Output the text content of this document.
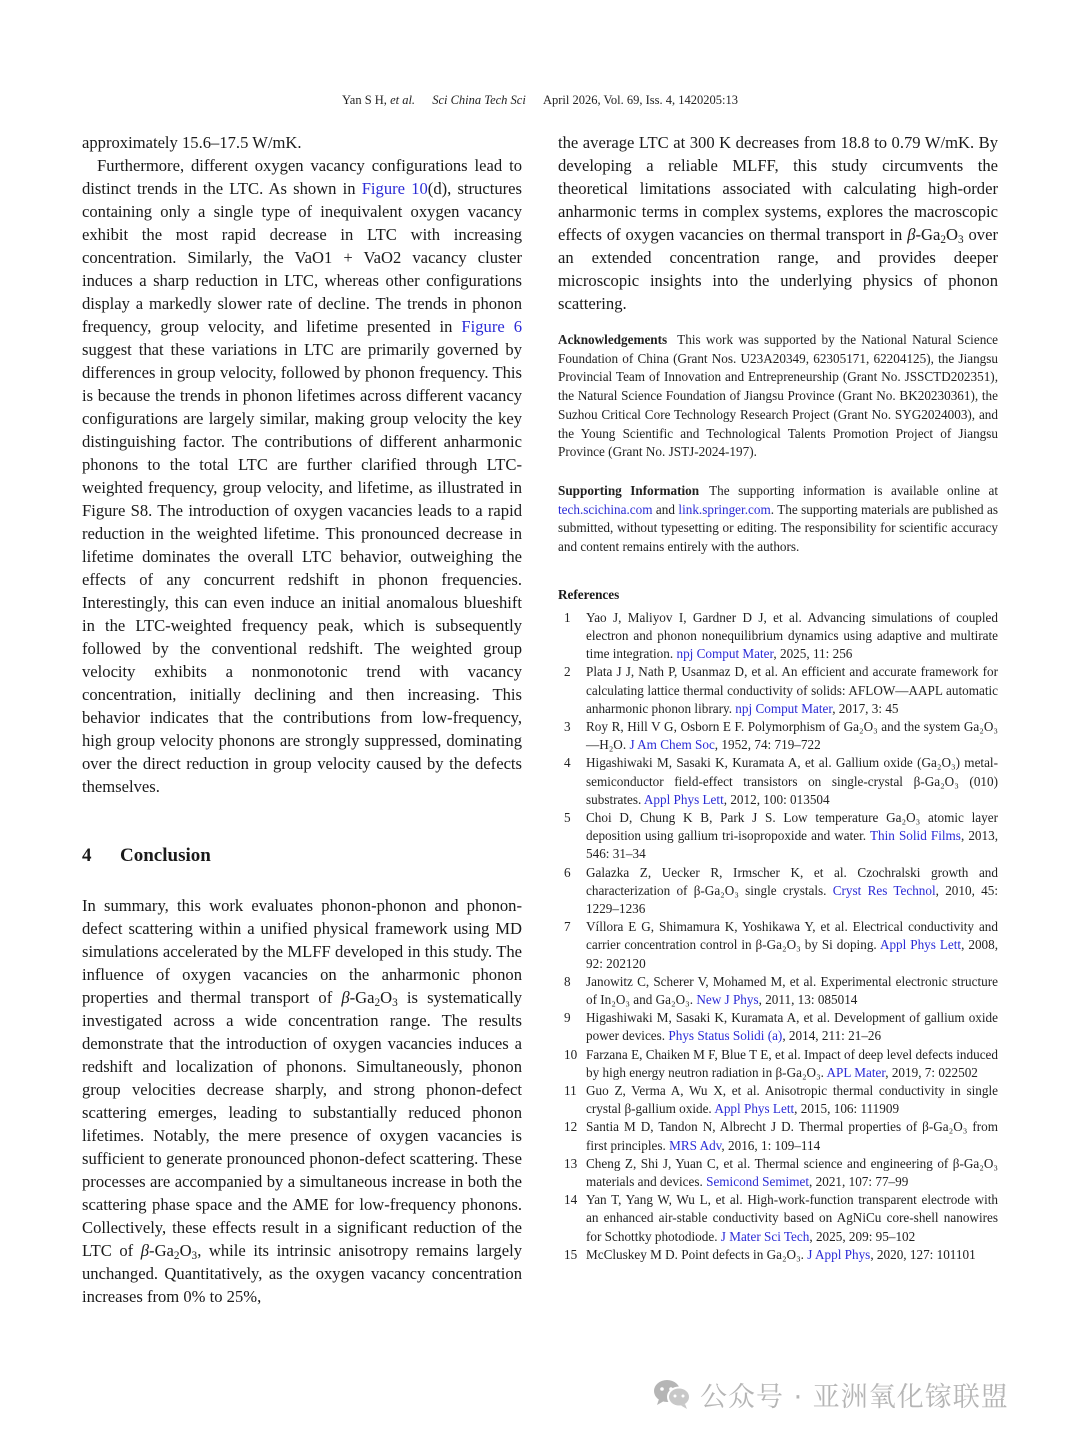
Yan S H, et al. Sci China Tech Sci April 2026, Vol. 69, Iss. 4, 1420205:13

approximately 15.6–17.5 W/mK.

Furthermore, different oxygen vacancy configurations lead to distinct trends in the LTC. As shown in Figure 10(d), structures containing only a single type of inequivalent oxygen vacancy exhibit the most rapid decrease in LTC with increasing concentration. Similarly, the VaO1 + VaO2 vacancy cluster induces a sharp reduction in LTC, whereas other configurations display a markedly slower rate of decline. The trends in phonon frequency, group velocity, and lifetime presented in Figure 6 suggest that these variations in LTC are primarily governed by differences in group velocity, followed by phonon frequency. This is because the trends in phonon lifetimes across different vacancy configurations are largely similar, making group velocity the key distinguishing factor. The contributions of different anharmonic phonons to the total LTC are further clarified through LTC-weighted frequency, group velocity, and lifetime, as illustrated in Figure S8. The introduction of oxygen vacancies leads to a rapid reduction in the weighted lifetime. This pronounced decrease in lifetime dominates the overall LTC behavior, outweighing the effects of any concurrent redshift in phonon frequencies. Interestingly, this can even induce an initial anomalous blueshift in the LTC-weighted frequency peak, which is subsequently followed by the conventional redshift. The weighted group velocity exhibits a nonmonotonic trend with vacancy concentration, initially declining and then increasing. This behavior indicates that the contributions from low-frequency, high group velocity phonons are strongly suppressed, dominating over the direct reduction in group velocity caused by the defects themselves.

4 Conclusion

In summary, this work evaluates phonon-phonon and phonon-defect scattering within a unified physical framework using MD simulations accelerated by the MLFF developed in this study. The influence of oxygen vacancies on the anharmonic phonon properties and thermal transport of $\beta-Ga_2O_3$ is systematically investigated across a wide concentration range. The results demonstrate that the introduction of oxygen vacancies induces a redshift and localization of phonons. Simultaneously, phonon group velocities decrease sharply, and strong phonon-defect scattering emerges, leading to substantially reduced phonon lifetimes. Notably, the mere presence of oxygen vacancies is sufficient to generate pronounced phonon-defect scattering. These processes are accompanied by a simultaneous increase in both the scattering phase space and the AME for low-frequency phonons. Collectively, these effects result in a significant reduction of the LTC of $\beta-Ga_2O_3$, while its intrinsic anisotropy remains largely unchanged. Quantitatively, as the oxygen vacancy concentration increases from 0% to 25%,

the average LTC at 300 K decreases from 18.8 to 0.79 W/mK. By developing a reliable MLFF, this study circumvents the theoretical limitations associated with calculating high-order anharmonic terms in complex systems, explores the macroscopic effects of oxygen vacancies on thermal transport in $\beta-Ga_2O_3$ over an extended concentration range, and provides deeper microscopic insights into the underlying physics of phonon scattering.

Acknowledgements This work was supported by the National Natural Science Foundation of China (Grant Nos. U23A20349, 62305171, 62204125), the Jiangsu Provincial Team of Innovation and Entrepreneurship (Grant No. JSSCTD202351), the Natural Science Foundation of Jiangsu Province (Grant No. BK20230361), the Suzhou Critical Core Technology Research Project (Grant No. SYG2024003), and the Young Scientific and Technological Talents Promotion Project of Jiangsu Province (Grant No. JSTJ-2024-197).

Supporting Information The supporting information is available online at tech.scichina.com and link.springer.com. The supporting materials are published as submitted, without typesetting or editing. The responsibility for scientific accuracy and content remains entirely with the authors.

References
1	Yao J, Maliyov I, Gardner D J, et al. Advancing simulations of coupled electron and phonon nonequilibrium dynamics using adaptive and multirate time integration. npj Comput Mater, 2025, 11: 256
2	Plata J J, Nath P, Usanmaz D, et al. An efficient and accurate framework for calculating lattice thermal conductivity of solids: AFLOW—AAPL automatic anharmonic phonon library. npj Comput Mater, 2017, 3: 45
3	Roy R, Hill V G, Osborn E F. Polymorphism of Ga₂O₃ and the system Ga₂O₃—H₂O. J Am Chem Soc, 1952, 74: 719–722
4	Higashiwaki M, Sasaki K, Kuramata A, et al. Gallium oxide (Ga₂O₃) metal-semiconductor field-effect transistors on single-crystal β-Ga₂O₃ (010) substrates. Appl Phys Lett, 2012, 100: 013504
5	Choi D, Chung K B, Park J S. Low temperature Ga₂O₃ atomic layer deposition using gallium tri-isopropoxide and water. Thin Solid Films, 2013, 546: 31–34
6	Galazka Z, Uecker R, Irmscher K, et al. Czochralski growth and characterization of β-Ga₂O₃ single crystals. Cryst Res Technol, 2010, 45: 1229–1236
7	Víllora E G, Shimamura K, Yoshikawa Y, et al. Electrical conductivity and carrier concentration control in β-Ga₂O₃ by Si doping. Appl Phys Lett, 2008, 92: 202120
8	Janowitz C, Scherer V, Mohamed M, et al. Experimental electronic structure of In₂O₃ and Ga₂O₃. New J Phys, 2011, 13: 085014
9	Higashiwaki M, Sasaki K, Kuramata A, et al. Development of gallium oxide power devices. Phys Status Solidi (a), 2014, 211: 21–26
10 Farzana E, Chaiken M F, Blue T E, et al. Impact of deep level defects induced by high energy neutron radiation in β-Ga₂O₃. APL Mater, 2019, 7: 022502
11 Guo Z, Verma A, Wu X, et al. Anisotropic thermal conductivity in single crystal β-gallium oxide. Appl Phys Lett, 2015, 106: 111909
12 Santia M D, Tandon N, Albrecht J D. Thermal properties of β-Ga₂O₃ from first principles. MRS Adv, 2016, 1: 109–114
13 Cheng Z, Shi J, Yuan C, et al. Thermal science and engineering of β-Ga₂O₃ materials and devices. Semicond Semimet, 2021, 107: 77–99
14 Yan T, Yang W, Wu L, et al. High-work-function transparent electrode with an enhanced air-stable conductivity based on AgNiCu core-shell nanowires for Schottky photodiode. J Mater Sci Tech, 2025, 209: 95–102
15 McCluskey M D. Point defects in Ga₂O₃. J Appl Phys, 2020, 127: 101101
公众号 · 亚洲氧化镓联盟
